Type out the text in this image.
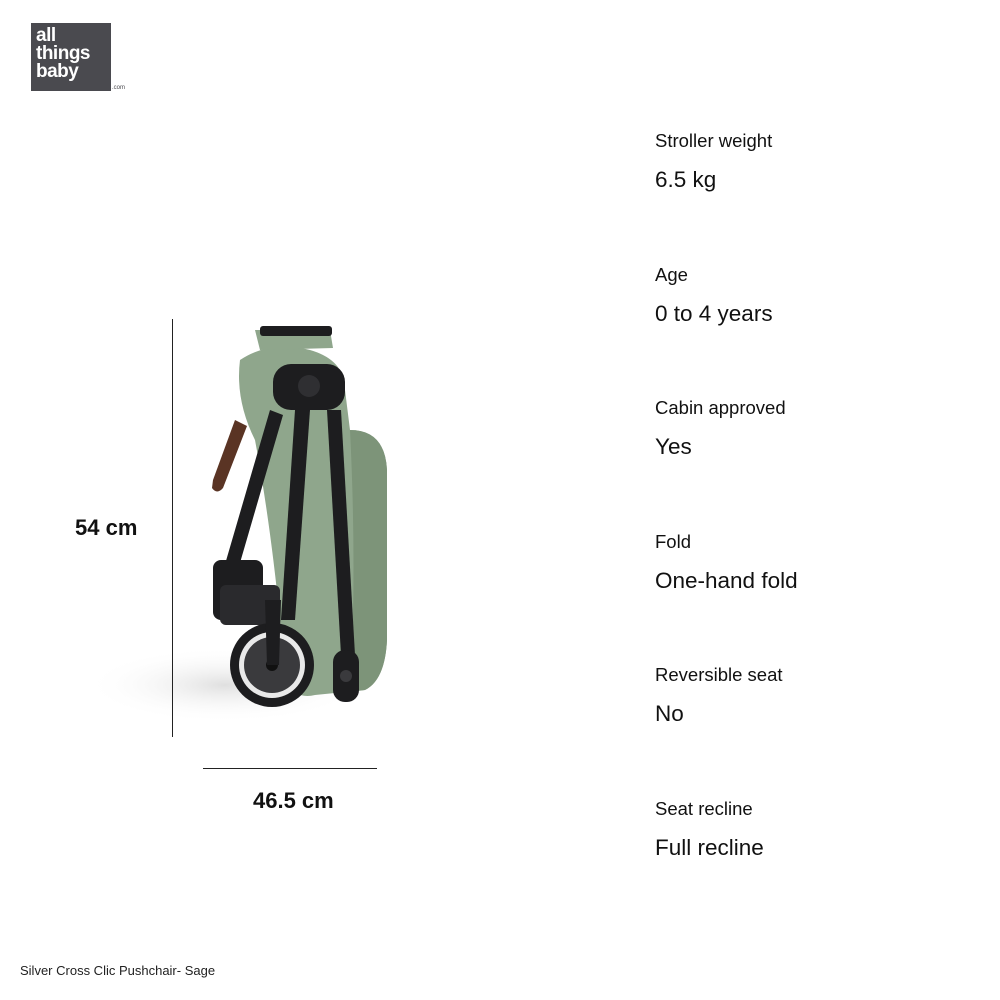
all
things
baby
™
.com
54 cm
46.5 cm
Stroller weight
6.5 kg
Age
0 to 4 years
Cabin approved
Yes
Fold
One-hand fold
Reversible seat
No
Seat recline
Full recline
Silver Cross Clic Pushchair- Sage
